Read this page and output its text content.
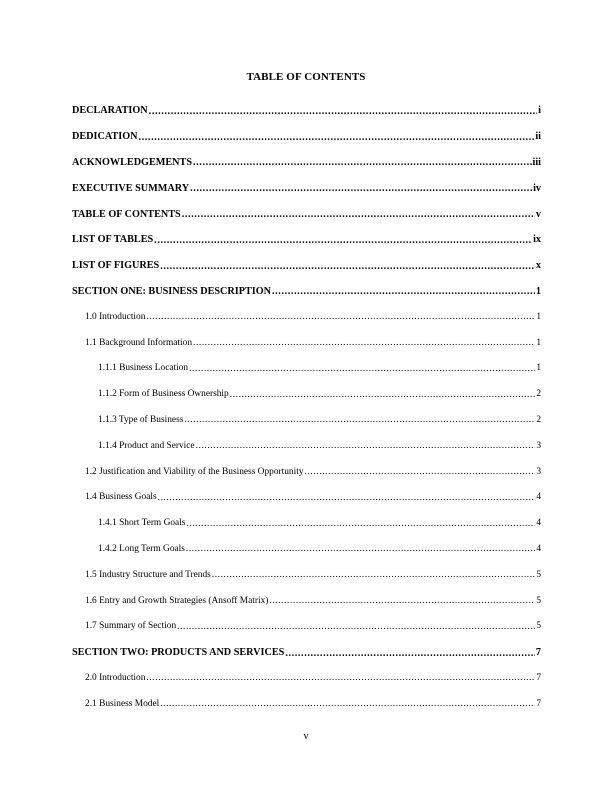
TABLE OF CONTENTS
DECLARATION .....	i
DEDICATION .....	ii
ACKNOWLEDGEMENTS .....	iii
EXECUTIVE SUMMARY .....	iv
TABLE OF CONTENTS .....	v
LIST OF TABLES .....	ix
LIST OF FIGURES .....	x
SECTION ONE: BUSINESS DESCRIPTION .....	1
1.0 Introduction .....	1
1.1 Background Information .....	1
1.1.1 Business Location .....	1
1.1.2 Form of Business Ownership .....	2
1.1.3 Type of Business .....	2
1.1.4 Product and Service .....	3
1.2 Justification and Viability of the Business Opportunity .....	3
1.4 Business Goals .....	4
1.4.1 Short Term Goals .....	4
1.4.2 Long Term Goals .....	4
1.5 Industry Structure and Trends .....	5
1.6 Entry and Growth Strategies (Ansoff Matrix) .....	5
1.7 Summary of Section .....	5
SECTION TWO: PRODUCTS AND SERVICES .....	7
2.0 Introduction .....	7
2.1 Business Model .....	7
v
